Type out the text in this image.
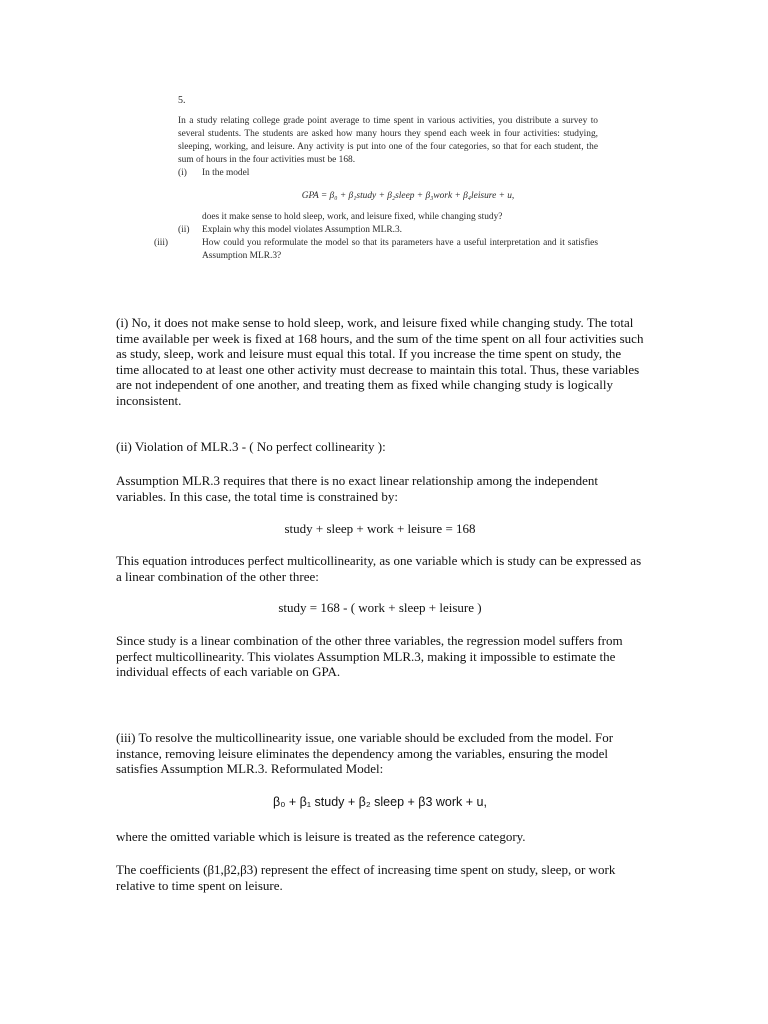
5.

In a study relating college grade point average to time spent in various activities, you distribute a survey to several students. The students are asked how many hours they spend each week in four activities: studying, sleeping, working, and leisure. Any activity is put into one of the four categories, so that for each student, the sum of hours in the four activities must be 168.

(i) In the model

GPA = β₀ + β₁study + β₂sleep + β₃work + β₄leisure + u,

does it make sense to hold sleep, work, and leisure fixed, while changing study?

(ii) Explain why this model violates Assumption MLR.3.

(iii)	How could you reformulate the model so that its parameters have a useful interpretation and it satisfies Assumption MLR.3?

(i) No, it does not make sense to hold sleep, work, and leisure fixed while changing study. The total time available per week is fixed at 168 hours, and the sum of the time spent on all four activities such as study, sleep, work and leisure must equal this total. If you increase the time spent on study, the time allocated to at least one other activity must decrease to maintain this total. Thus, these variables are not independent of one another, and treating them as fixed while changing study is logically inconsistent.

(ii) Violation of MLR.3 - ( No perfect collinearity ):

Assumption MLR.3 requires that there is no exact linear relationship among the independent variables. In this case, the total time is constrained by:

study + sleep + work + leisure = 168

This equation introduces perfect multicollinearity, as one variable which is study can be expressed as a linear combination of the other three:

study = 168 - ( work + sleep + leisure )

Since study is a linear combination of the other three variables, the regression model suffers from perfect multicollinearity. This violates Assumption MLR.3, making it impossible to estimate the individual effects of each variable on GPA.

(iii) To resolve the multicollinearity issue, one variable should be excluded from the model. For instance, removing leisure eliminates the dependency among the variables, ensuring the model satisfies Assumption MLR.3. Reformulated Model:

β₀ + β₁ study + β₂ sleep + β3 work + u,

where the omitted variable which is leisure is treated as the reference category.

The coefficients (β1,β2,β3) represent the effect of increasing time spent on study, sleep, or work relative to time spent on leisure.
